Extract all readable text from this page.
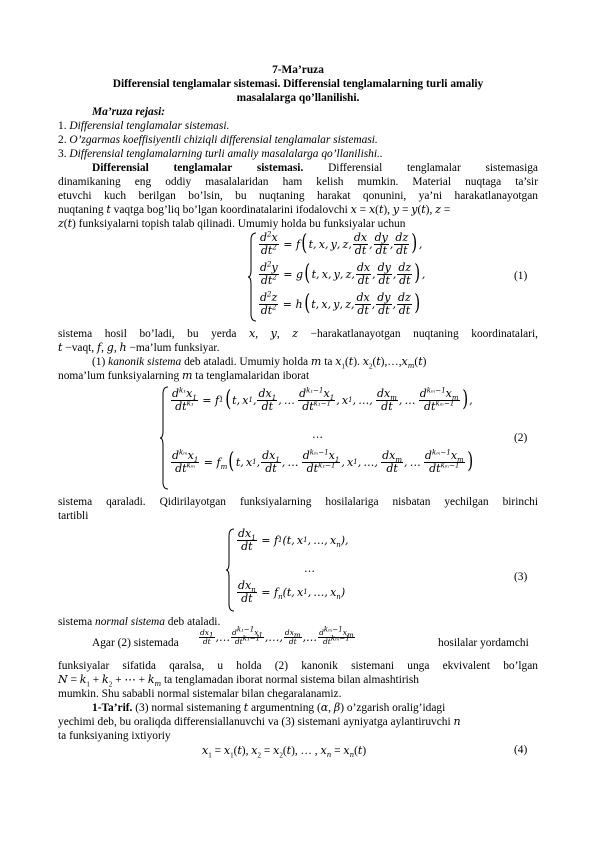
7-Ma’ruza
Differensial tenglamalar sistemasi. Differensial tenglamalarning turli amaliy
masalalarga qo’llanilishi.
Ma’ruza rejasi:
1. Differensial tenglamalar sistemasi.
2. O’zgarmas koeffisiyentli chiziqli differensial tenglamalar sistemasi.
3. Differensial tenglamalarning turli amaliy masalalarga qo’llanilishi..
Differensial tenglamalar sistemasi. Differensial tenglamalar sistemasiga
dinamikaning eng oddiy masalalaridan ham kelish mumkin. Material nuqtaga ta’sir
etuvchi kuch berilgan bo’lsin, bu nuqtaning harakat qonunini, ya’ni harakatlanayotgan
nuqtaning t vaqtga bog’liq bo’lgan koordinatalarini ifodalovchi x = x(t), y = y(t), z =
z(t) funksiyalarni topish talab qilinadi. Umumiy holda bu funksiyalar uchun
$\frac{d^2x}{dt^2} = f$ ( t ,  x ,  y ,  z , $\frac{dx}{dt}$ , $\frac{dy}{dt}$ , $\frac{dz}{dt}$ ) ,
$\frac{d^2y}{dt^2} = g$ ( t ,  x ,  y ,  z , $\frac{dx}{dt}$ , $\frac{dy}{dt}$ , $\frac{dz}{dt}$ ) ,
$\frac{d^2z}{dt^2} = h$ ( t ,  x ,  y ,  z , $\frac{dx}{dt}$ , $\frac{dy}{dt}$ , $\frac{dz}{dt}$ )
(1)
sistema hosil bo’ladi, bu yerda x, y, z −harakatlanayotgan nuqtaning koordinatalari,
t −vaqt, f, g, h −ma’lum funksiyar.
(1) kanonik sistema deb ataladi. Umumiy holda m ta $x_1(t)$. $x_2(t),\dots,x_m(t)$
noma’lum funksiyalarning m ta tenglamalaridan iborat
$\frac{d^{k_1}x_1}{dt^{k_1}} = f$ 1 ( t ,  x 1 , $\frac{dx_1}{dt}$ , …  $\frac{d^{k_1-1}x_1}{dt^{k_1-1}}$ ,  x 1 , …,  $\frac{dx_m}{dt}$ , …  $\frac{d^{k_m-1}x_m}{dt^{k_m-1}}$ ) ,
…
$\frac{d^{k_m}x_1}{dt^{k_m}} = f_m$ ( t ,  x 1 , $\frac{dx_1}{dt}$ , …  $\frac{d^{k_m-1}x_1}{dt^{k_1-1}}$ ,  x 1 , …,  $\frac{dx_m}{dt}$ , …  $\frac{d^{k_m-1}x_m}{dt^{k_m-1}}$ )
(2)
sistema qaraladi. Qidirilayotgan funksiyalarning hosilalariga nisbatan yechilgan birinchi
tartibli
$\frac{dx_1}{dt} = f$ 1 ( t ,  x 1 , …,  $x_n$ ),
…
$\frac{dx_n}{dt} = f_n$ ( t ,  x 1 , …,  $x_n$ )
(3)
sistema normal sistema deb ataladi.
Agar (2) sistemada	$\frac{dx_1}{dt}$ ,… $\frac{d^{k_1-1}x_1}{dt^{k_1-1}}$ ,…, $\frac{dx_m}{dt}$ ,… $\frac{d^{k_m-1}x_m}{dt^{k_m-1}}$	hosilalar yordamchi
funksiyalar sifatida qaralsa, u holda (2) kanonik sistemani unga ekvivalent bo’lgan
$N = k_1 + k_2$ + ⋯ + $k_m$ ta tenglamadan iborat normal sistema bilan almashtirish
mumkin. Shu sababli normal sistemalar bilan chegaralanamiz.
1-Ta’rif. (3) normal sistemaning t argumentning (α, β) o’zgarish oralig’idagi
yechimi deb, bu oraliqda differensiallanuvchi va (3) sistemani ayniyatga aylantiruvchi n
ta funksiyaning ixtiyoriy
$x_1 = x_1(t)$, $x_2 = x_2(t)$, … , $x_n = x_n(t)$	(4)
